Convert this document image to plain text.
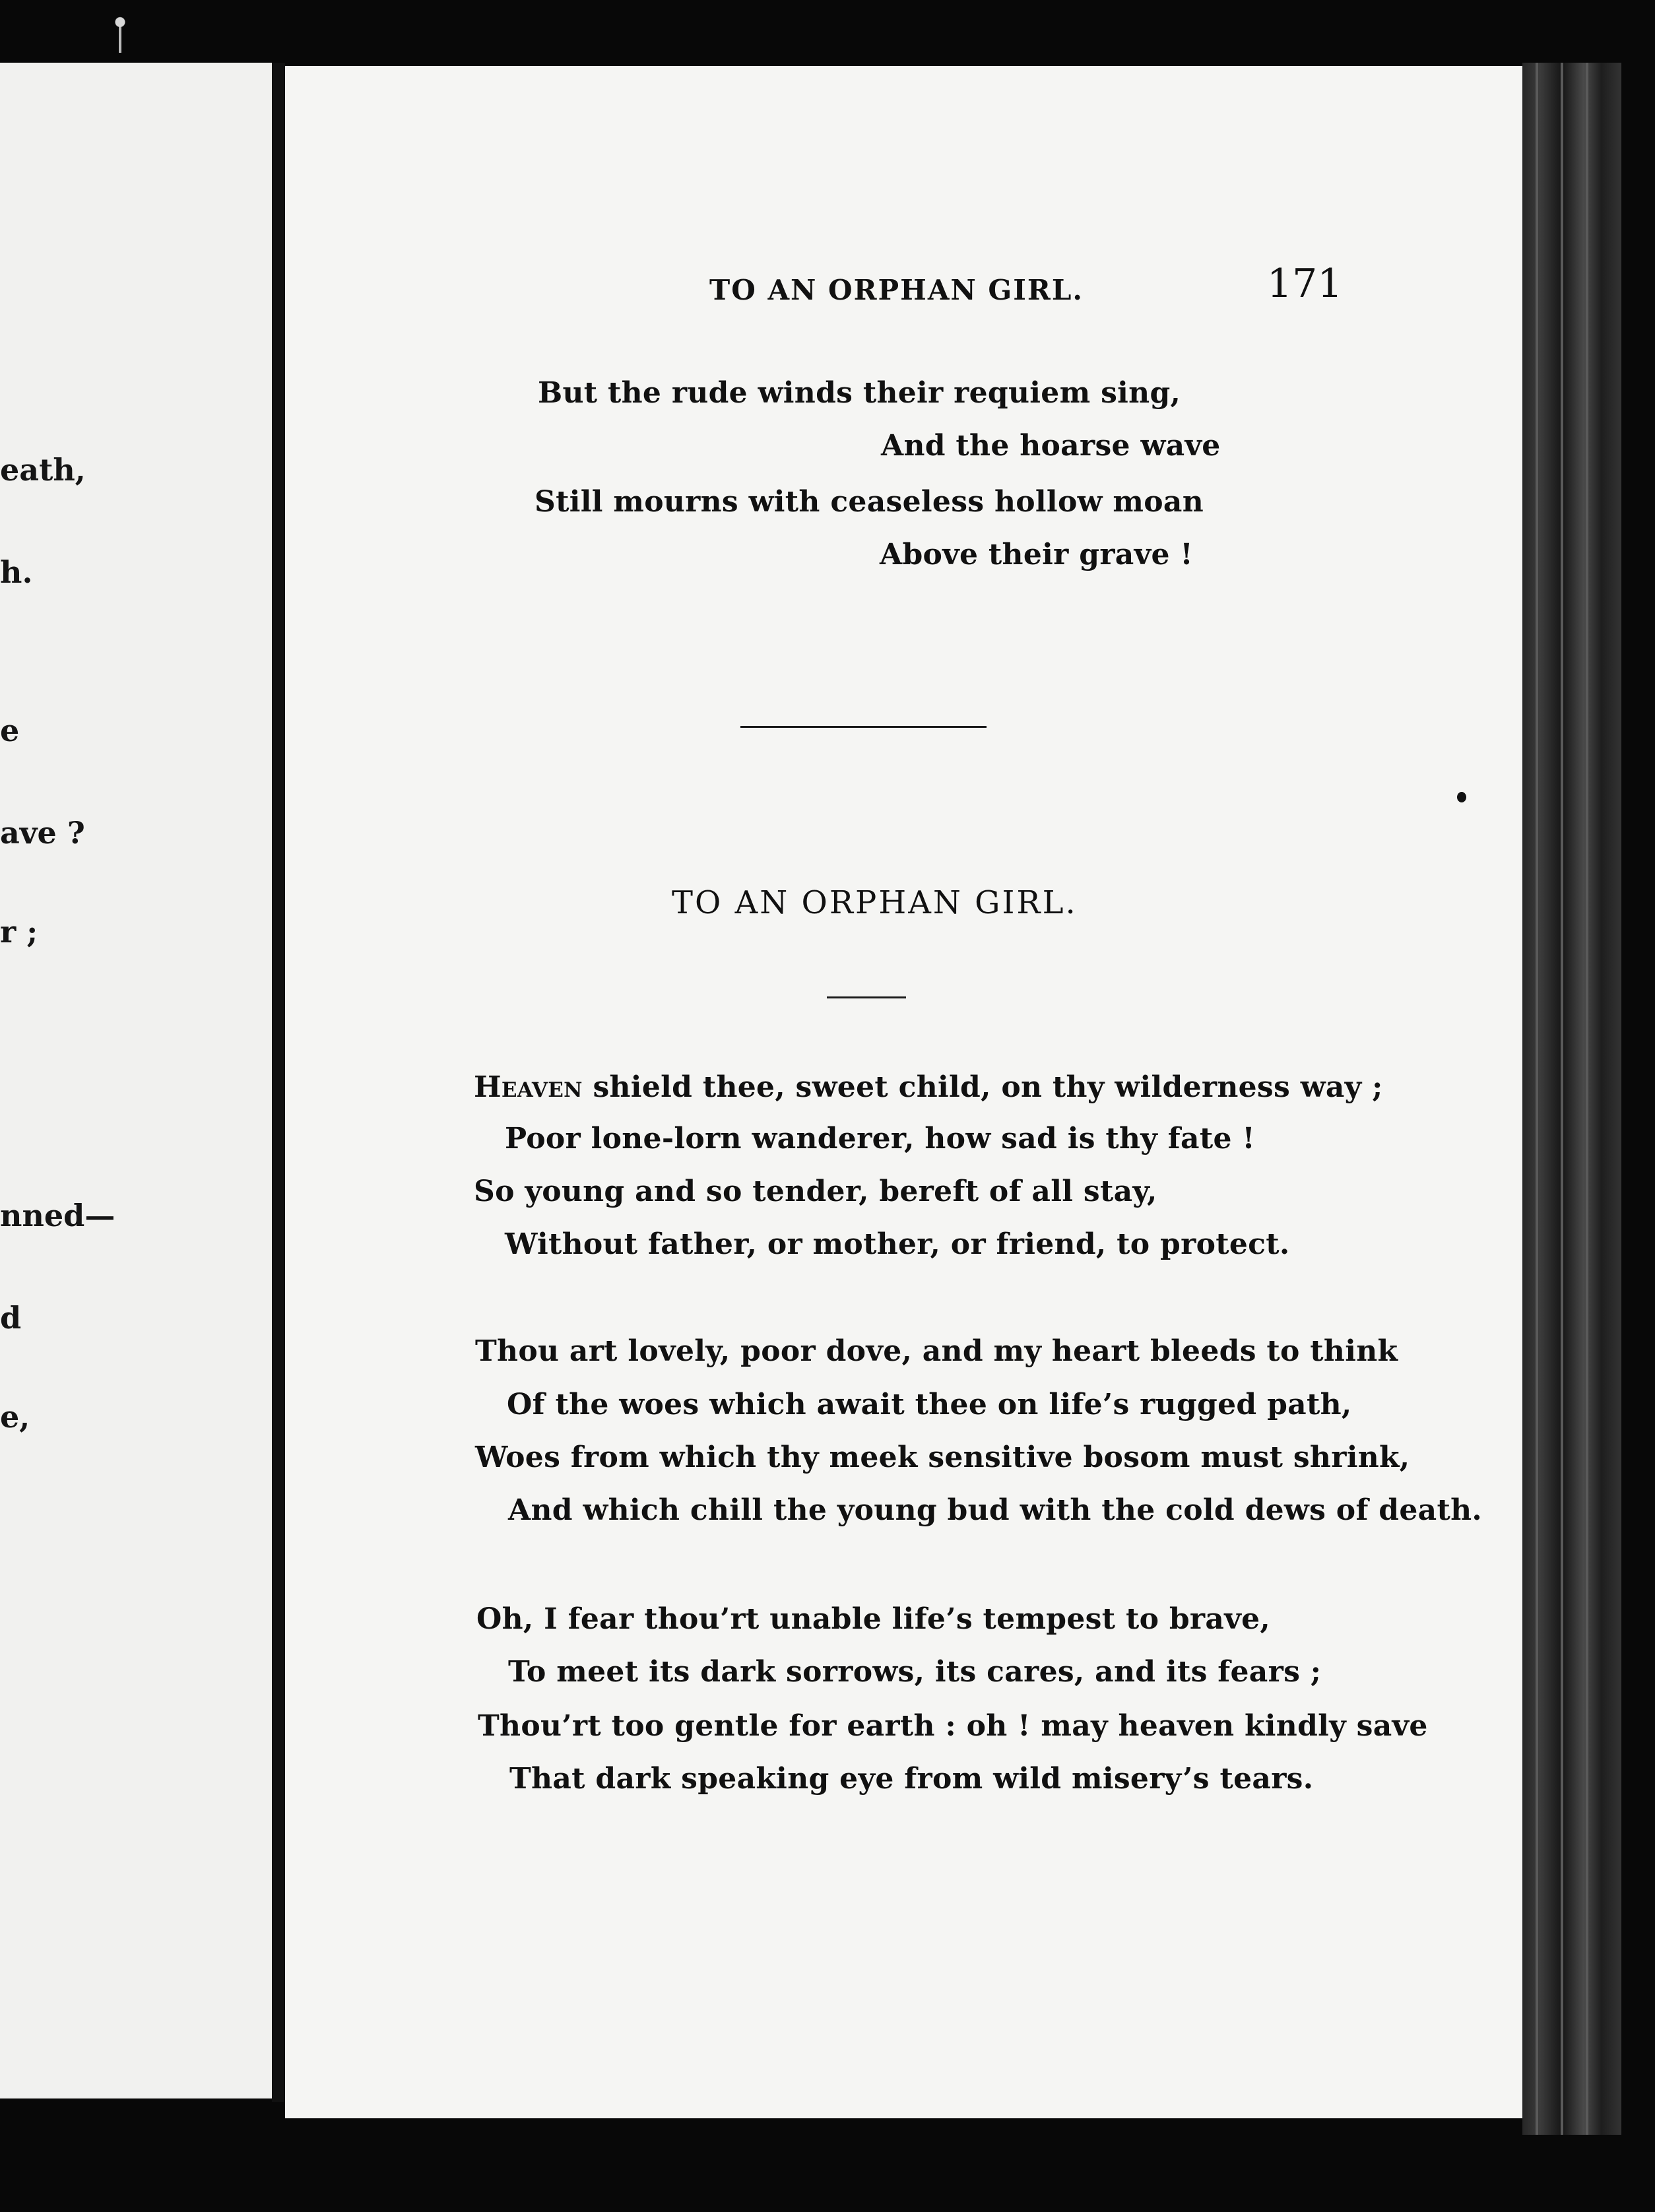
eath,
h.
e
ave ?
r ;
nned—
d
e,
TO AN ORPHAN GIRL.	171
But the rude winds their requiem sing,
And the hoarse wave
Still mourns with ceaseless hollow moan
Above their grave !
TO AN ORPHAN GIRL.
Heaven shield thee, sweet child, on thy wilderness way ;
Poor lone-lorn wanderer, how sad is thy fate !
So young and so tender, bereft of all stay,
Without father, or mother, or friend, to protect.
Thou art lovely, poor dove, and my heart bleeds to think
Of the woes which await thee on life’s rugged path,
Woes from which thy meek sensitive bosom must shrink,
And which chill the young bud with the cold dews of death.
Oh, I fear thou’rt unable life’s tempest to brave,
To meet its dark sorrows, its cares, and its fears ;
Thou’rt too gentle for earth : oh ! may heaven kindly save
That dark speaking eye from wild misery’s tears.
